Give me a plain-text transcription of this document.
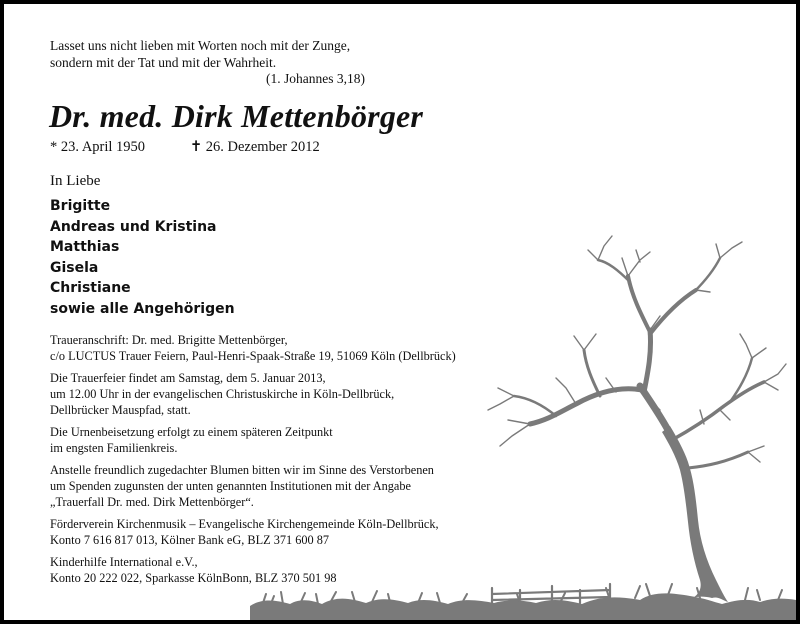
Lasset uns nicht lieben mit Worten noch mit der Zunge,
sondern mit der Tat und mit der Wahrheit.
(1. Johannes 3,18)
Dr. med. Dirk Mettenbörger
* 23. April 1950	✝ 26. Dezember 2012
In Liebe
Brigitte
Andreas und Kristina
Matthias
Gisela
Christiane
sowie alle Angehörigen
Traueranschrift: Dr. med. Brigitte Mettenbörger,
c/o LUCTUS Trauer Feiern, Paul-Henri-Spaak-Straße 19, 51069 Köln (Dellbrück)
Die Trauerfeier findet am Samstag, dem 5. Januar 2013,
um 12.00 Uhr in der evangelischen Christuskirche in Köln-Dellbrück,
Dellbrücker Mauspfad, statt.
Die Urnenbeisetzung erfolgt zu einem späteren Zeitpunkt
im engsten Familienkreis.
Anstelle freundlich zugedachter Blumen bitten wir im Sinne des Verstorbenen
um Spenden zugunsten der unten genannten Institutionen mit der Angabe
„Trauerfall Dr. med. Dirk Mettenbörger“.
Förderverein Kirchenmusik – Evangelische Kirchengemeinde Köln-Dellbrück,
Konto 7 616 817 013, Kölner Bank eG, BLZ 371 600 87
Kinderhilfe International e.V.,
Konto 20 222 022, Sparkasse KölnBonn, BLZ 370 501 98
